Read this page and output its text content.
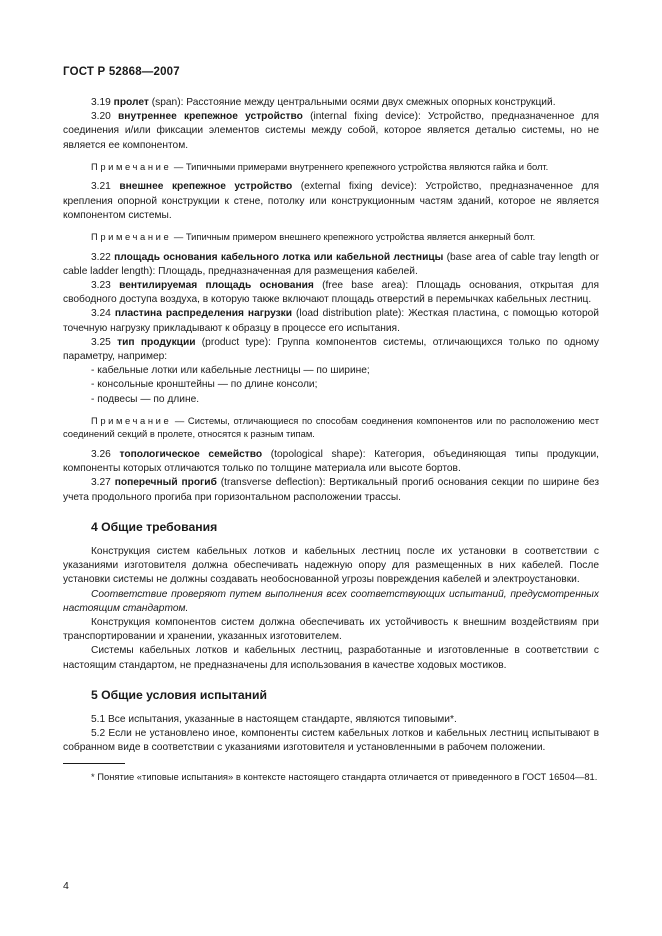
ГОСТ Р 52868—2007

3.19 пролет (span): Расстояние между центральными осями двух смежных опорных конструкций.

3.20 внутреннее крепежное устройство (internal fixing device): Устройство, предназначенное для соединения и/или фиксации элементов системы между собой, которое является деталью системы, но не является ее компонентом.

Примечание — Типичными примерами внутреннего крепежного устройства являются гайка и болт.

3.21 внешнее крепежное устройство (external fixing device): Устройство, предназначенное для крепления опорной конструкции к стене, потолку или конструкционным частям зданий, которое не является компонентом системы.

Примечание — Типичным примером внешнего крепежного устройства является анкерный болт.

3.22 площадь основания кабельного лотка или кабельной лестницы (base area of cable tray length or cable ladder length): Площадь, предназначенная для размещения кабелей.

3.23 вентилируемая площадь основания (free base area): Площадь основания, открытая для свободного доступа воздуха, в которую также включают площадь отверстий в перемычках кабельных лестниц.

3.24 пластина распределения нагрузки (load distribution plate): Жесткая пластина, с помощью которой точечную нагрузку прикладывают к образцу в процессе его испытания.

3.25 тип продукции (product type): Группа компонентов системы, отличающихся только по одному параметру, например:

- кабельные лотки или кабельные лестницы — по ширине;

- консольные кронштейны — по длине консоли;

- подвесы — по длине.

Примечание — Системы, отличающиеся по способам соединения компонентов или по расположению мест соединений секций в пролете, относятся к разным типам.

3.26 топологическое семейство (topological shape): Категория, объединяющая типы продукции, компоненты которых отличаются только по толщине материала или высоте бортов.

3.27 поперечный прогиб (transverse deflection): Вертикальный прогиб основания секции по ширине без учета продольного прогиба при горизонтальном расположении трассы.

4 Общие требования

Конструкция систем кабельных лотков и кабельных лестниц после их установки в соответствии с указаниями изготовителя должна обеспечивать надежную опору для размещенных в них кабелей. После установки системы не должны создавать необоснованной угрозы повреждения кабелей и электроустановки.

Соответствие проверяют путем выполнения всех соответствующих испытаний, предусмотренных настоящим стандартом.

Конструкция компонентов систем должна обеспечивать их устойчивость к внешним воздействиям при транспортировании и хранении, указанных изготовителем.

Системы кабельных лотков и кабельных лестниц, разработанные и изготовленные в соответствии с настоящим стандартом, не предназначены для использования в качестве ходовых мостиков.

5 Общие условия испытаний

5.1 Все испытания, указанные в настоящем стандарте, являются типовыми*.

5.2 Если не установлено иное, компоненты систем кабельных лотков и кабельных лестниц испытывают в собранном виде в соответствии с указаниями изготовителя и установленными в рабочем положении.

* Понятие «типовые испытания» в контексте настоящего стандарта отличается от приведенного в ГОСТ 16504—81.

4
